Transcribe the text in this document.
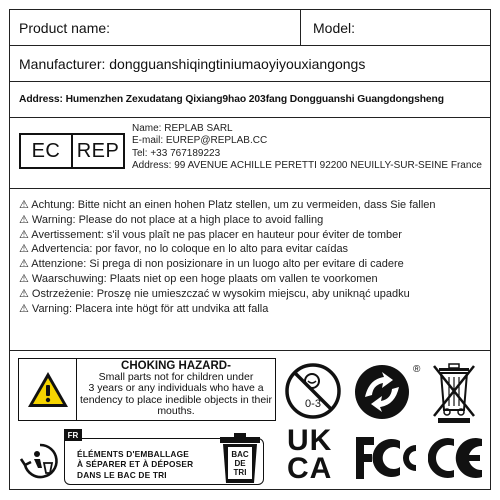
Product name:	Model:
Manufacturer: dongguanshiqingtiniumaoyiyouxiangongs
Address: Humenzhen Zexudatang Qixiang9hao 203fang Dongguanshi Guangdongsheng
EC REP
Name: REPLAB SARL
E-mail: EUREP@REPLAB.CC
Tel: +33 767189223
Address: 99 AVENUE ACHILLE PERETTI 92200 NEUILLY-SUR-SEINE France
⚠ Achtung: Bitte nicht an einen hohen Platz stellen, um zu vermeiden, dass Sie fallen
⚠ Warning: Please do not place at a high place to avoid falling
⚠ Avertissement: s'il vous plaît ne pas placer en hauteur pour éviter de tomber
⚠ Advertencia: por favor, no lo coloque en lo alto para evitar caídas
⚠ Attenzione: Si prega di non posizionare in un luogo alto per evitare di cadere
⚠ Waarschuwing: Plaats niet op een hoge plaats om vallen te voorkomen
⚠ Ostrzeżenie: Proszę nie umieszczać w wysokim miejscu, aby uniknąć upadku
⚠ Varning: Placera inte högt för att undvika att falla
CHOKING HAZARD-
Small parts not for children under
3 years or any individuals who have a
tendency to place inedible objects in their mouths.
FR
ÉLÉMENTS D'EMBALLAGE
À SÉPARER ET À DÉPOSER
DANS LE BAC DE TRI
BAC
DE
TRI
0-3
®
UK
CA
